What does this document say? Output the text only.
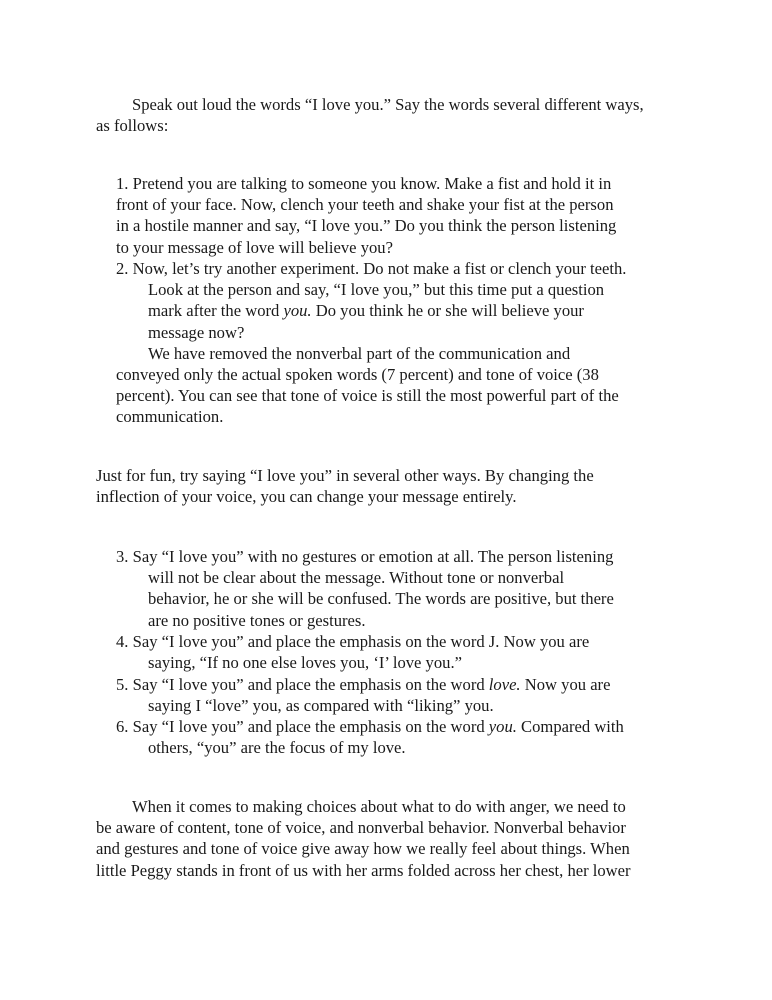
Speak out loud the words “I love you.” Say the words several different ways,
as follows:
1. Pretend you are talking to someone you know. Make a fist and hold it in
front of your face. Now, clench your teeth and shake your fist at the person
in a hostile manner and say, “I love you.” Do you think the person listening
to your message of love will believe you?
2. Now, let’s try another experiment. Do not make a fist or clench your teeth.
Look at the person and say, “I love you,” but this time put a question
mark after the word you. Do you think he or she will believe your
message now?
We have removed the nonverbal part of the communication and
conveyed only the actual spoken words (7 percent) and tone of voice (38
percent). You can see that tone of voice is still the most powerful part of the
communication.
Just for fun, try saying “I love you” in several other ways. By changing the
inflection of your voice, you can change your message entirely.
3. Say “I love you” with no gestures or emotion at all. The person listening
will not be clear about the message. Without tone or nonverbal
behavior, he or she will be confused. The words are positive, but there
are no positive tones or gestures.
4. Say “I love you” and place the emphasis on the word J. Now you are
saying, “If no one else loves you, ‘I’ love you.”
5. Say “I love you” and place the emphasis on the word love. Now you are
saying I “love” you, as compared with “liking” you.
6. Say “I love you” and place the emphasis on the word you. Compared with
others, “you” are the focus of my love.
When it comes to making choices about what to do with anger, we need to
be aware of content, tone of voice, and nonverbal behavior. Nonverbal behavior
and gestures and tone of voice give away how we really feel about things. When
little Peggy stands in front of us with her arms folded across her chest, her lower
